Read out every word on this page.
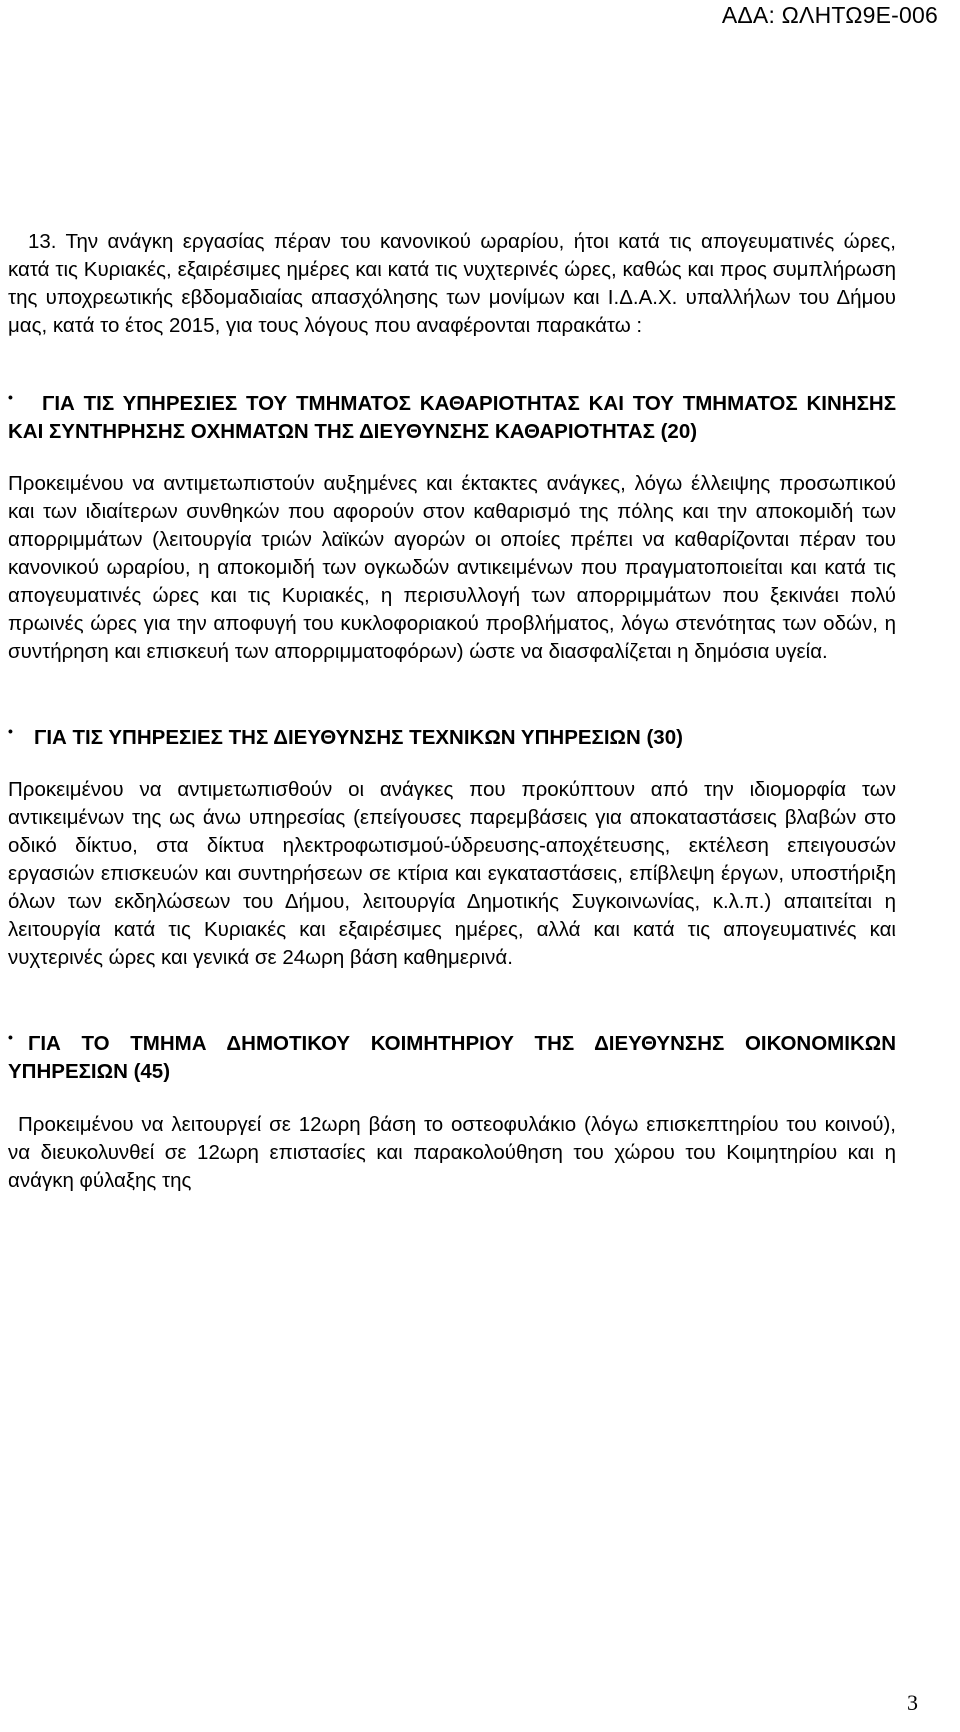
ΑΔΑ: ΩΛΗΤΩ9Ε-006

13. Την ανάγκη εργασίας πέραν του κανονικού ωραρίου, ήτοι κατά τις απογευματινές ώρες, κατά τις Κυριακές, εξαιρέσιμες ημέρες και κατά τις νυχτερινές ώρες, καθώς και προς συμπλήρωση της υποχρεωτικής εβδομαδιαίας απασχόλησης των μονίμων και Ι.Δ.Α.Χ. υπαλλήλων του Δήμου μας, κατά το έτος 2015, για τους λόγους που αναφέρονται παρακάτω :

• ΓΙΑ ΤΙΣ ΥΠΗΡΕΣΙΕΣ ΤΟΥ ΤΜΗΜΑΤΟΣ ΚΑΘΑΡΙΟΤΗΤΑΣ ΚΑΙ ΤΟΥ ΤΜΗΜΑΤΟΣ ΚΙΝΗΣΗΣ ΚΑΙ ΣΥΝΤΗΡΗΣΗΣ ΟΧΗΜΑΤΩΝ ΤΗΣ ΔΙΕΥΘΥΝΣΗΣ ΚΑΘΑΡΙΟΤΗΤΑΣ (20)

Προκειμένου να αντιμετωπιστούν αυξημένες και έκτακτες ανάγκες, λόγω έλλειψης προσωπικού και των ιδιαίτερων συνθηκών που αφορούν στον καθαρισμό της πόλης και την αποκομιδή των απορριμμάτων (λειτουργία τριών λαϊκών αγορών οι οποίες πρέπει να καθαρίζονται πέραν του κανονικού ωραρίου, η αποκομιδή των ογκωδών αντικειμένων που πραγματοποιείται και κατά τις απογευματινές ώρες και τις Κυριακές, η περισυλλογή των απορριμμάτων που ξεκινάει πολύ πρωινές ώρες για την αποφυγή του κυκλοφοριακού προβλήματος, λόγω στενότητας των οδών, η συντήρηση και επισκευή των απορριμματοφόρων) ώστε να διασφαλίζεται η δημόσια υγεία.

• ΓΙΑ ΤΙΣ ΥΠΗΡΕΣΙΕΣ ΤΗΣ ΔΙΕΥΘΥΝΣΗΣ ΤΕΧΝΙΚΩΝ ΥΠΗΡΕΣΙΩΝ (30)

Προκειμένου να αντιμετωπισθούν οι ανάγκες που προκύπτουν από την ιδιομορφία των αντικειμένων της ως άνω υπηρεσίας (επείγουσες παρεμβάσεις για αποκαταστάσεις βλαβών στο οδικό δίκτυο, στα δίκτυα ηλεκτροφωτισμού-ύδρευσης-αποχέτευσης, εκτέλεση επειγουσών εργασιών επισκευών και συντηρήσεων σε κτίρια και εγκαταστάσεις, επίβλεψη έργων, υποστήριξη όλων των εκδηλώσεων του Δήμου, λειτουργία Δημοτικής Συγκοινωνίας, κ.λ.π.) απαιτείται η λειτουργία κατά τις Κυριακές και εξαιρέσιμες ημέρες, αλλά και κατά τις απογευματινές και νυχτερινές ώρες και γενικά σε 24ωρη βάση καθημερινά.

• ΓΙΑ ΤΟ ΤΜΗΜΑ ΔΗΜΟΤΙΚΟΥ ΚΟΙΜΗΤΗΡΙΟΥ ΤΗΣ ΔΙΕΥΘΥΝΣΗΣ ΟΙΚΟΝΟΜΙΚΩΝ ΥΠΗΡΕΣΙΩΝ (45)

Προκειμένου να λειτουργεί σε 12ωρη βάση το οστεοφυλάκιο (λόγω επισκεπτηρίου του κοινού), να διευκολυνθεί σε 12ωρη επιστασίες και παρακολούθηση του χώρου του Κοιμητηρίου και η ανάγκη φύλαξης της

3
